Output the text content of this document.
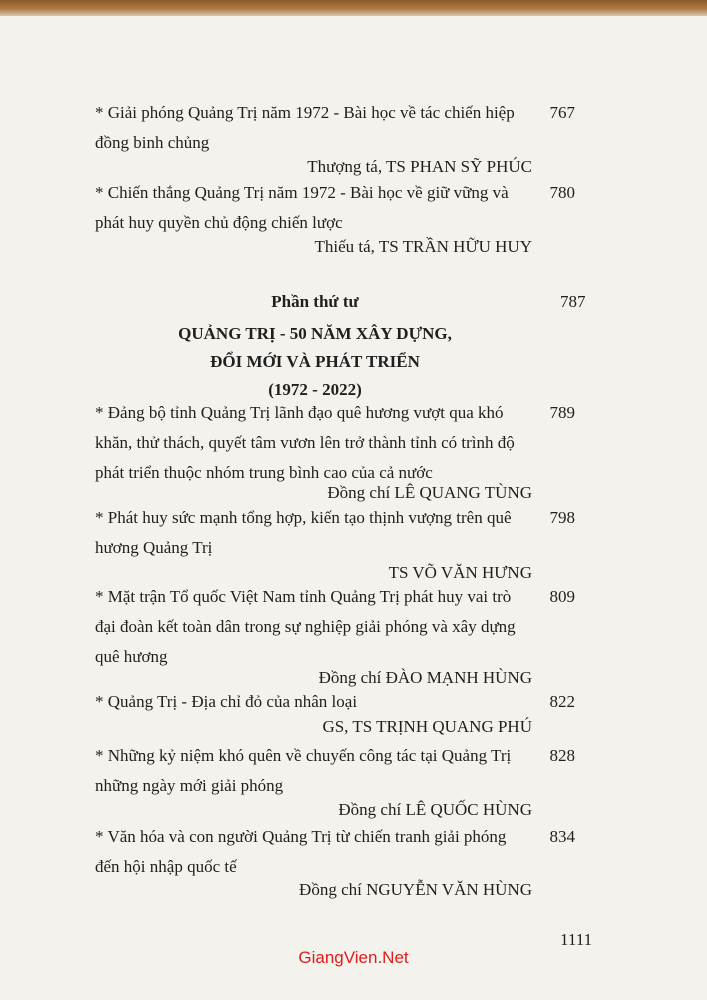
* Giải phóng Quảng Trị năm 1972 - Bài học về tác chiến hiệp đồng binh chủng
767
Thượng tá, TS PHAN SỸ PHÚC
* Chiến thắng Quảng Trị năm 1972 - Bài học về giữ vững và phát huy quyền chủ động chiến lược
780
Thiếu tá, TS TRẦN HỮU HUY
Phần thứ tư	787
QUẢNG TRỊ - 50 NĂM XÂY DỰNG,
ĐỔI MỚI VÀ PHÁT TRIỂN
(1972 - 2022)
* Đảng bộ tỉnh Quảng Trị lãnh đạo quê hương vượt qua khó khăn, thử thách, quyết tâm vươn lên trở thành tỉnh có trình độ phát triển thuộc nhóm trung bình cao của cả nước
789
Đồng chí LÊ QUANG TÙNG
* Phát huy sức mạnh tổng hợp, kiến tạo thịnh vượng trên quê hương Quảng Trị
798
TS VÕ VĂN HƯNG
* Mặt trận Tổ quốc Việt Nam tỉnh Quảng Trị phát huy vai trò đại đoàn kết toàn dân trong sự nghiệp giải phóng và xây dựng quê hương
809
Đồng chí ĐÀO MẠNH HÙNG
* Quảng Trị - Địa chỉ đỏ của nhân loại	822
GS, TS TRỊNH QUANG PHÚ
* Những kỷ niệm khó quên về chuyến công tác tại Quảng Trị những ngày mới giải phóng
828
Đồng chí LÊ QUỐC HÙNG
* Văn hóa và con người Quảng Trị từ chiến tranh giải phóng đến hội nhập quốc tế
834
Đồng chí NGUYỄN VĂN HÙNG
1111
GiangVien.Net
